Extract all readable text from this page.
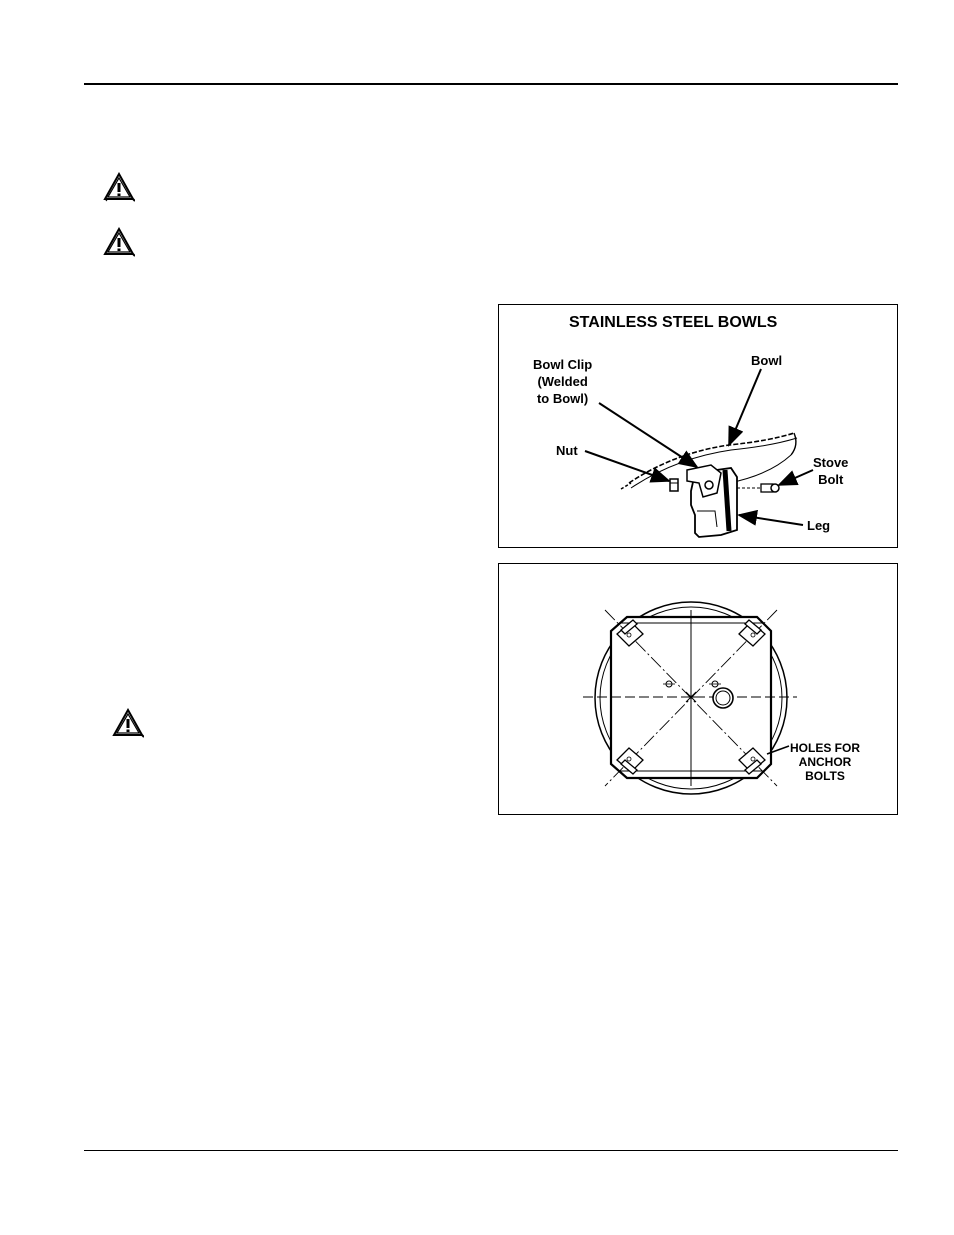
STAINLESS STEEL BOWLS
Bowl Clip
(Welded
to Bowl)
Bowl
Nut
Stove
Bolt
Leg
HOLES FOR
ANCHOR
BOLTS
